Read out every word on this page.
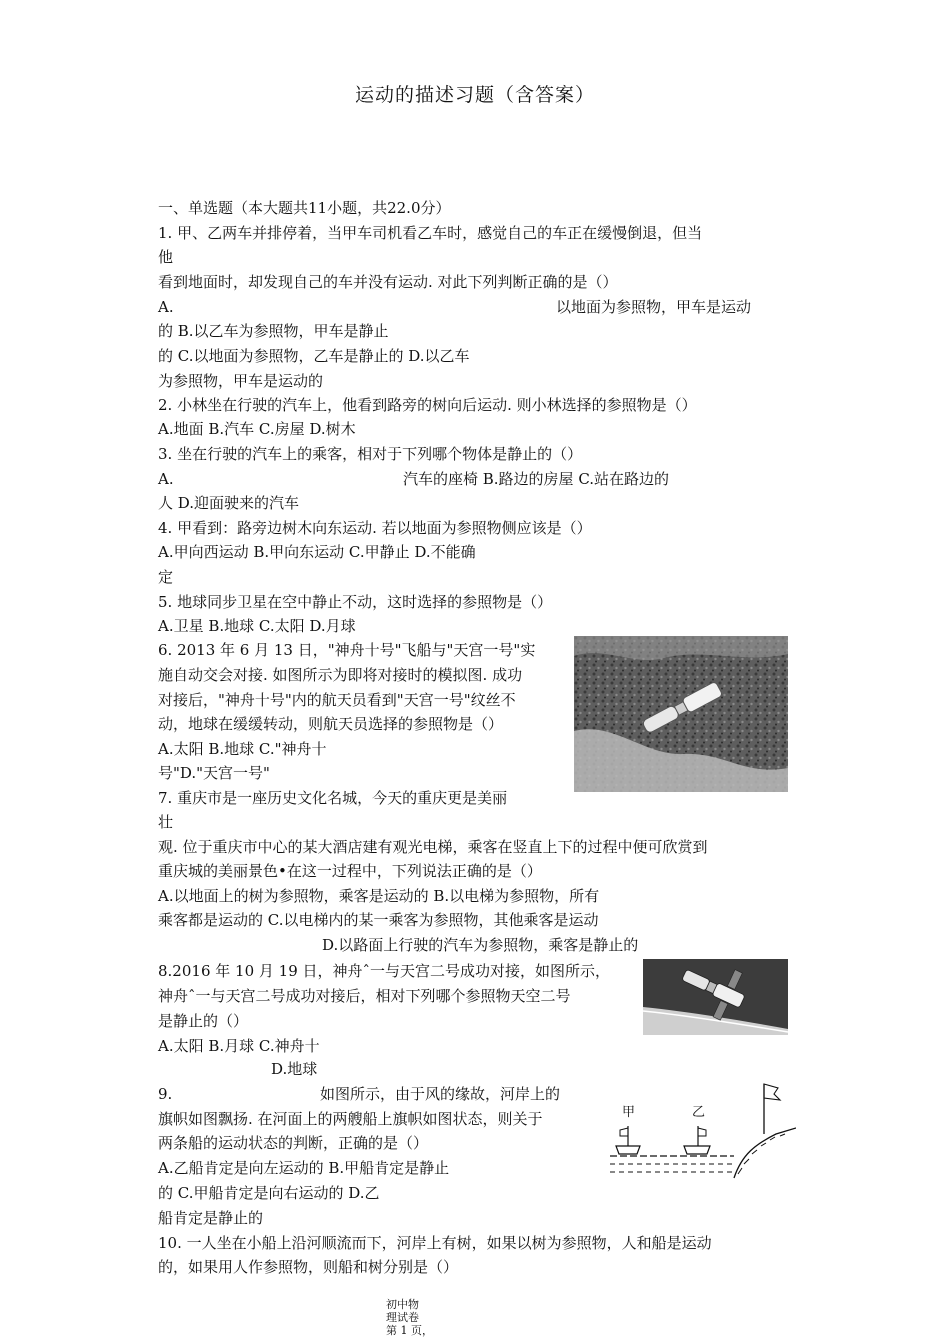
运动的描述习题（含答案）
一、单选题（本大题共11小题，共22.0分）
1. 甲、乙两车并排停着，当甲车司机看乙车时，感觉自己的车正在缓慢倒退，但当
他
看到地面时，却发现自己的车并没有运动. 对此下列判断正确的是（）
A.	以地面为参照物，甲车是运动
的 B.以乙车为参照物，甲车是静止
的 C.以地面为参照物，乙车是静止的 D.以乙车
为参照物，甲车是运动的
2. 小林坐在行驶的汽车上，他看到路旁的树向后运动. 则小林选择的参照物是（）
A.地面 B.汽车 C.房屋 D.树木
3. 坐在行驶的汽车上的乘客，相对于下列哪个物体是静止的（）
A.	汽车的座椅 B.路边的房屋 C.站在路边的
人 D.迎面驶来的汽车
4. 甲看到：路旁边树木向东运动. 若以地面为参照物侧应该是（）
A.甲向西运动 B.甲向东运动 C.甲静止 D.不能确
定
5. 地球同步卫星在空中静止不动，这时选择的参照物是（）
A.卫星 B.地球 C.太阳 D.月球
6. 2013 年 6 月 13 日，"神舟十号"飞船与"天宫一号"实
施自动交会对接. 如图所示为即将对接时的模拟图. 成功
对接后，"神舟十号"内的航天员看到"天宫一号"纹丝不
动，地球在缓缓转动，则航天员选择的参照物是（）
A.太阳 B.地球 C."神舟十
号"D."天宫一号"
7. 重庆市是一座历史文化名城，今天的重庆更是美丽
壮
观. 位于重庆市中心的某大酒店建有观光电梯，乘客在竖直上下的过程中便可欣赏到
重庆城的美丽景色•在这一过程中，下列说法正确的是（）
A.以地面上的树为参照物，乘客是运动的 B.以电梯为参照物，所有
乘客都是运动的 C.以电梯内的某一乘客为参照物，其他乘客是运动
D.以路面上行驶的汽车为参照物，乘客是静止的
8.2016 年 10 月 19 日，神舟ˆ一与天宫二号成功对接，如图所示，
神舟ˆ一与天宫二号成功对接后，相对下列哪个参照物天空二号
是静止的（）
A.太阳 B.月球 C.神舟十
D.地球
9.	如图所示，由于风的缘故，河岸上的
旗帜如图飘扬. 在河面上的两艘船上旗帜如图状态，则关于
两条船的运动状态的判断，正确的是（）
A.乙船肯定是向左运动的 B.甲船肯定是静止
的 C.甲船肯定是向右运动的 D.乙
船肯定是静止的
甲	乙
10. 一人坐在小船上沿河顺流而下，河岸上有树，如果以树为参照物，人和船是运动
的，如果用人作参照物，则船和树分别是（）
初中物
理试卷
第 1 页，
